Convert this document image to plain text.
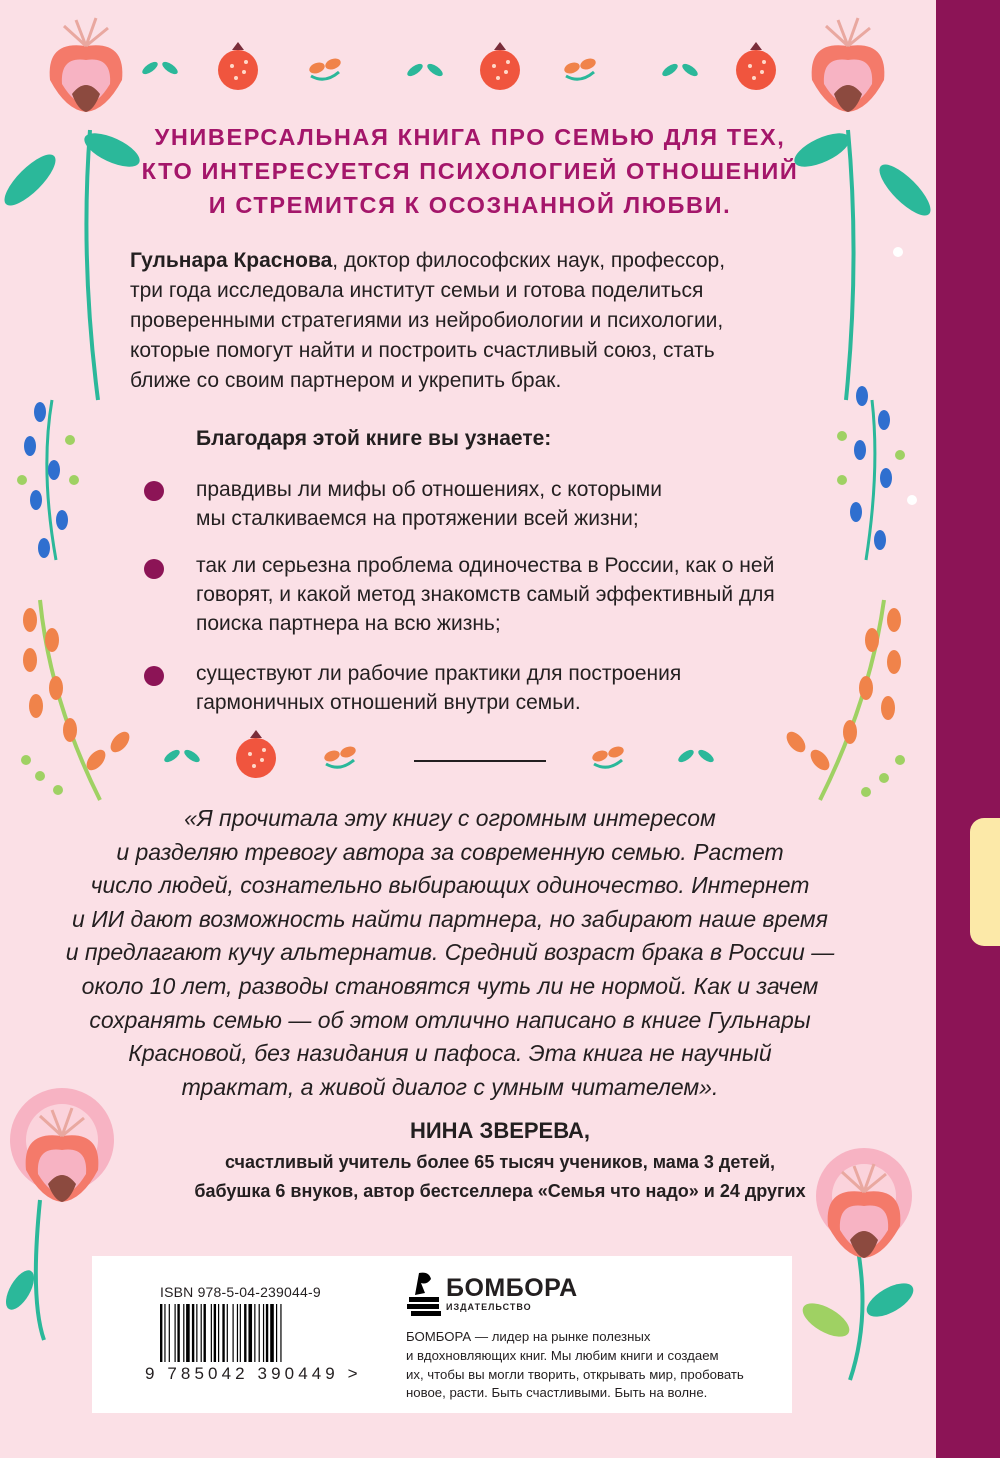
УНИВЕРСАЛЬНАЯ КНИГА ПРО СЕМЬЮ ДЛЯ ТЕХ,
КТО ИНТЕРЕСУЕТСЯ ПСИХОЛОГИЕЙ ОТНОШЕНИЙ
И СТРЕМИТСЯ К ОСОЗНАННОЙ ЛЮБВИ.
Гульнара Краснова, доктор философских наук, профессор,
три года исследовала институт семьи и готова поделиться
проверенными стратегиями из нейробиологии и психологии,
которые помогут найти и построить счастливый союз, стать
ближе со своим партнером и укрепить брак.
Благодаря этой книге вы узнаете:
правдивы ли мифы об отношениях, с которыми
мы сталкиваемся на протяжении всей жизни;
так ли серьезна проблема одиночества в России, как о ней
говорят, и какой метод знакомств самый эффективный для
поиска партнера на всю жизнь;
существуют ли рабочие практики для построения
гармоничных отношений внутри семьи.
«Я прочитала эту книгу с огромным интересом
и разделяю тревогу автора за современную семью. Растет
число людей, сознательно выбирающих одиночество. Интернет
и ИИ дают возможность найти партнера, но забирают наше время
и предлагают кучу альтернатив. Средний возраст брака в России —
около 10 лет, разводы становятся чуть ли не нормой. Как и зачем
сохранять семью — об этом отлично написано в книге Гульнары
Красновой, без назидания и пафоса. Эта книга не научный
трактат, а живой диалог с умным читателем».
НИНА ЗВЕРЕВА,
счастливый учитель более 65 тысяч учеников, мама 3 детей,
бабушка 6 внуков, автор бестселлера «Семья что надо» и 24 других
ISBN 978-5-04-239044-9
9 785042 390449 >
БОМБОРА
ИЗДАТЕЛЬСТВО
БОМБОРА — лидер на рынке полезных
и вдохновляющих книг. Мы любим книги и создаем
их, чтобы вы могли творить, открывать мир, пробовать
новое, расти. Быть счастливыми. Быть на волне.
